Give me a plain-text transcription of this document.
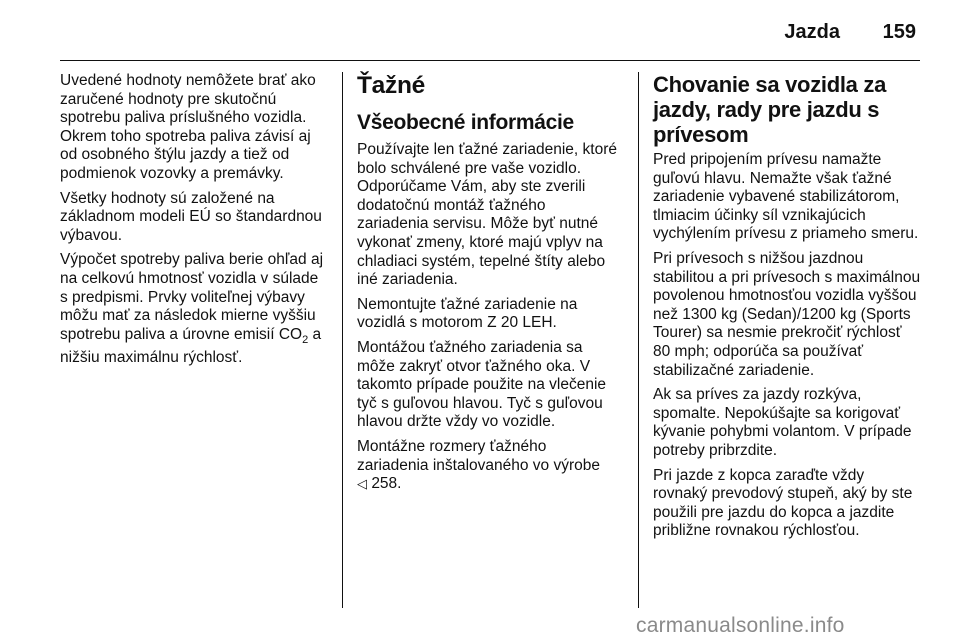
Jazda 159

Uvedené hodnoty nemôžete brať ako zaručené hodnoty pre skutočnú spotrebu paliva príslušného vozidla. Okrem toho spotreba paliva závisí aj od osobného štýlu jazdy a tiež od podmienok vozovky a premávky.

Všetky hodnoty sú založené na základnom modeli EÚ so štandardnou výbavou.

Výpočet spotreby paliva berie ohľad aj na celkovú hmotnosť vozidla v súlade s predpismi. Prvky voliteľnej výbavy môžu mať za následok mierne vyššiu spotrebu paliva a úrovne emisií $CO_2$ a nižšiu maximálnu rýchlosť.

Ťažné
Všeobecné informácie

Používajte len ťažné zariadenie, ktoré bolo schválené pre vaše vozidlo. Odporúčame Vám, aby ste zverili dodatočnú montáž ťažného zariadenia servisu. Môže byť nutné vykonať zmeny, ktoré majú vplyv na chladiaci systém, tepelné štíty alebo iné zariadenia.

Nemontujte ťažné zariadenie na vozidlá s motorom Z 20 LEH.

Montážou ťažného zariadenia sa môže zakryť otvor ťažného oka. V takomto prípade použite na vlečenie tyč s guľovou hlavou. Tyč s guľovou hlavou držte vždy vo vozidle.

Montážne rozmery ťažného zariadenia inštalovaného vo výrobe
◁ 258.

Chovanie sa vozidla za jazdy, rady pre jazdu s prívesom

Pred pripojením prívesu namažte guľovú hlavu. Nemažte však ťažné zariadenie vybavené stabilizátorom, tlmiacim účinky síl vznikajúcich vychýlením prívesu z priameho smeru.

Pri prívesoch s nižšou jazdnou stabilitou a pri prívesoch s maximálnou povolenou hmotnosťou vozidla vyššou než 1300 kg (Sedan)/1200 kg (Sports Tourer) sa nesmie prekročiť rýchlosť 80 mph; odporúča sa používať stabilizačné zariadenie.

Ak sa príves za jazdy rozkýva, spomalte. Nepokúšajte sa korigovať kývanie pohybmi volantom. V prípade potreby pribrzdite.

Pri jazde z kopca zaraďte vždy rovnaký prevodový stupeň, aký by ste použili pre jazdu do kopca a jazdite približne rovnakou rýchlosťou.

carmanualsonline.info
